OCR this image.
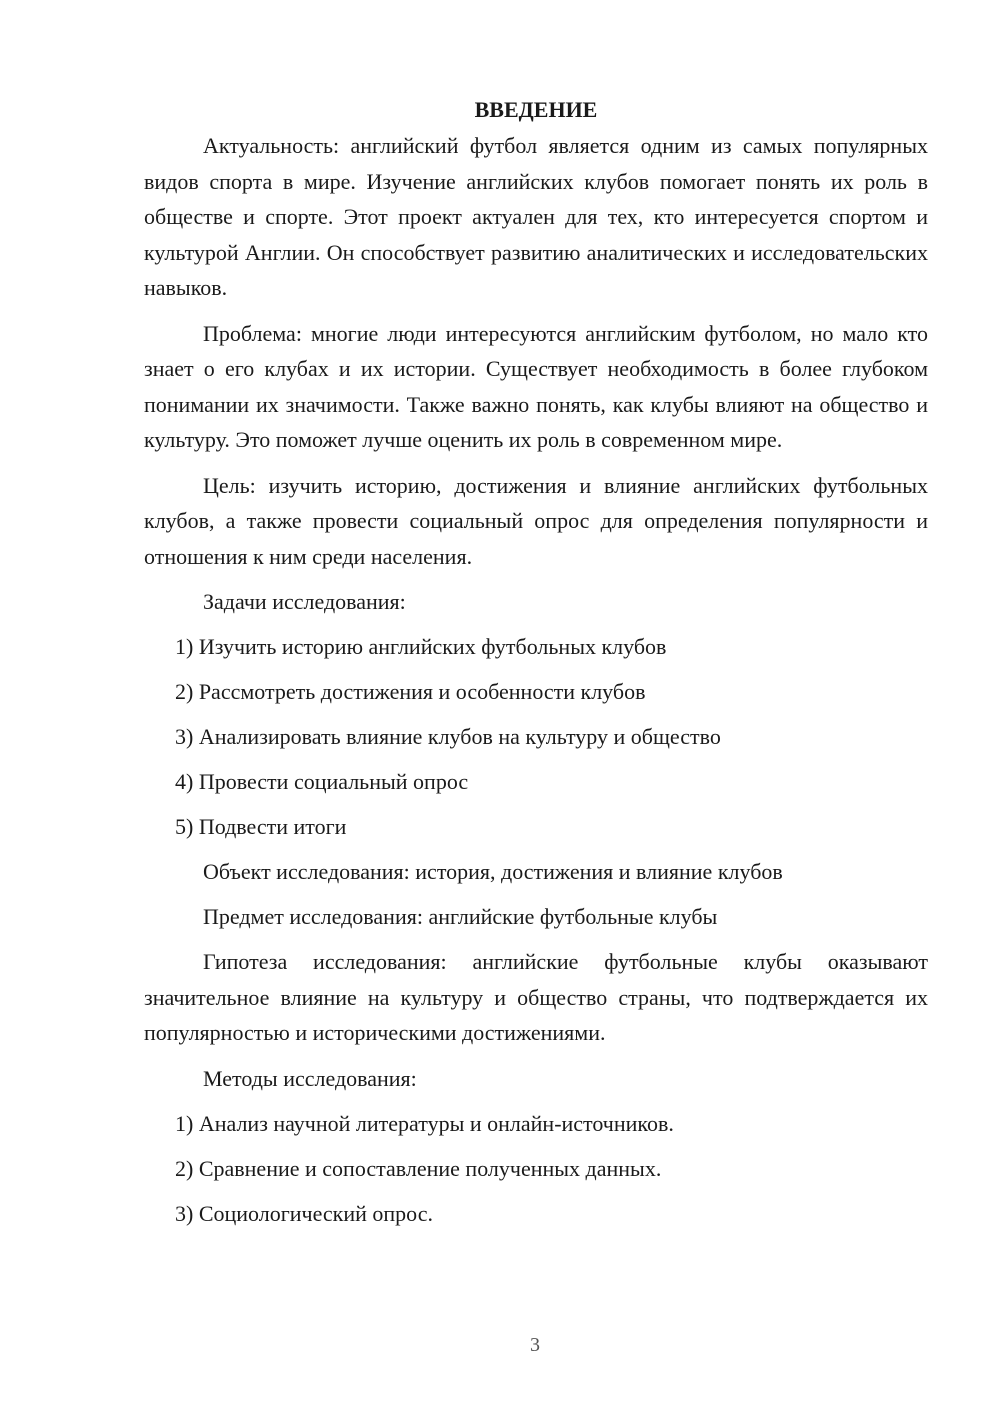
ВВЕДЕНИЕ

Актуальность: английский футбол является одним из самых популярных видов спорта в мире. Изучение английских клубов помогает понять их роль в обществе и спорте. Этот проект актуален для тех, кто интересуется спортом и культурой Англии. Он способствует развитию аналитических и исследовательских навыков.

Проблема: многие люди интересуются английским футболом, но мало кто знает о его клубах и их истории. Существует необходимость в более глубоком понимании их значимости. Также важно понять, как клубы влияют на общество и культуру. Это поможет лучше оценить их роль в современном мире.

Цель: изучить историю, достижения и влияние английских футбольных клубов, а также провести социальный опрос для определения популярности и отношения к ним среди населения.

Задачи исследования:
1) Изучить историю английских футбольных клубов
2) Рассмотреть достижения и особенности клубов
3) Анализировать влияние клубов на культуру и общество
4) Провести социальный опрос
5) Подвести итоги
Объект исследования: история, достижения и влияние клубов
Предмет исследования: английские футбольные клубы

Гипотеза исследования: английские футбольные клубы оказывают значительное влияние на культуру и общество страны, что подтверждается их популярностью и историческими достижениями.

Методы исследования:
1) Анализ научной литературы и онлайн-источников.
2) Сравнение и сопоставление полученных данных.
3) Социологический опрос.
3
